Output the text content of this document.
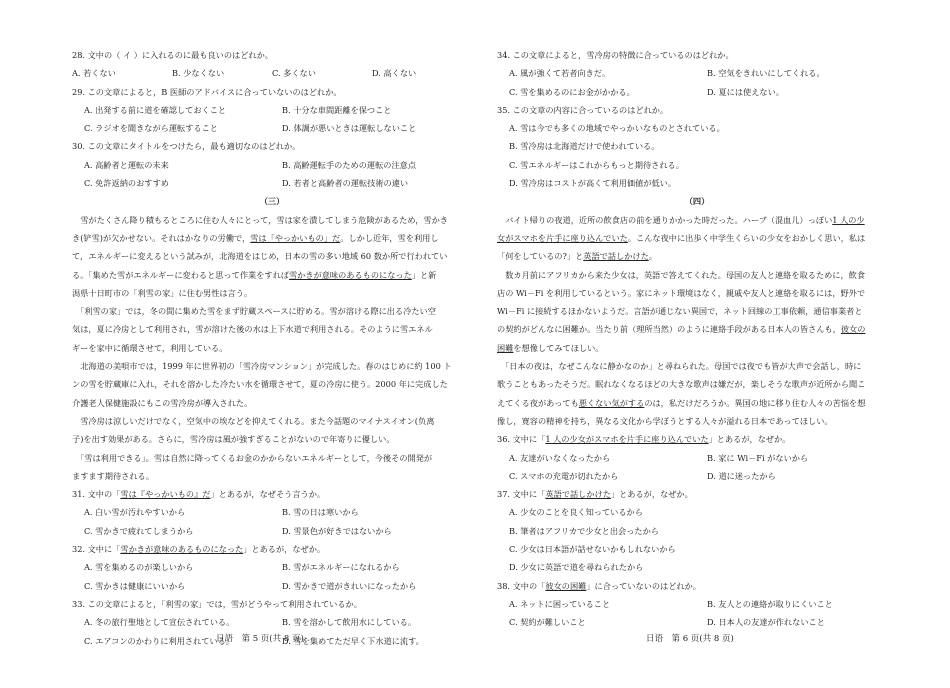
28. 文中の（ イ ）に入れるのに最も良いのはどれか。
A. 若くない	B. 少なくない	C. 多くない	D. 高くない
29. この文章によると，B 医師のアドバイスに合っていないのはどれか。
A. 出発する前に道を確認しておくこと	B. 十分な車間距離を保つこと
C. ラジオを聞きながら運転すること	D. 体調が悪いときは運転しないこと
30. この文章にタイトルをつけたら，最も適切なのはどれか。
A. 高齢者と運転の未来	B. 高齢運転手のための運転の注意点
C. 免許返納のおすすめ	D. 若者と高齢者の運転技術の違い
（三）
　雪がたくさん降り積もるところに住む人々にとって，雪は家を潰してしまう危険があるため，雪かき
き(铲雪)が欠かせない。それはかなりの労働で，雪は「やっかいもの」だ。しかし近年，雪を利用し
て，エネルギーに変えるという試みが，北海道をはじめ，日本の雪の多い地域 60 数か所で行われてい
る。「集めた雪がエネルギーに変わると思って作業をすれば雪かきが意味のあるものになった」と新
潟県十日町市の「利雪の家」に住む男性は言う。
　「利雪の家」では，冬の間に集めた雪をまず貯蔵スペースに貯める。雪が溶ける際に出る冷たい空
気は，夏に冷房として利用され，雪が溶けた後の水は上下水道で利用される。そのように雪エネル
ギーを家中に循環させて，利用している。
　北海道の美唄市では，1999 年に世界初の「雪冷房マンション」が完成した。春のはじめに約 100 ト
ンの雪を貯蔵庫に入れ，それを溶かした冷たい水を循環させて，夏の冷房に使う。2000 年に完成した
介護老人保健施設にもこの雪冷房が導入された。
　雪冷房は涼しいだけでなく，空気中の埃などを抑えてくれる。また今話題のマイナスイオン(负离
子)を出す効果がある。さらに，雪冷房は風が強すぎることがないので年寄りに優しい。
　「雪は利用できる」。雪は自然に降ってくるお金のかからないエネルギーとして，今後その開発が
ますます期待される。
31. 文中の「雪は『やっかいもの』だ」とあるが，なぜそう言うか。
A. 白い雪が汚れやすいから	B. 雪の日は寒いから
C. 雪かきで疲れてしまうから	D. 雪景色が好きではないから
32. 文中に「雪かきが意味のあるものになった」とあるが，なぜか。
A. 雪を集めるのが楽しいから	B. 雪がエネルギーになれるから
C. 雪かきは健康にいいから	D. 雪かきで道がきれいになったから
33. この文章によると，「利雪の家」では，雪がどうやって利用されているか。
A. 冬の旅行聖地として宣伝されている。	B. 雪を溶かして飲用水にしている。
C. エアコンのかわりに利用されている。	D. 雪を集めてただ早く下水道に流す。
34. この文章によると，雪冷房の特徴に合っているのはどれか。
A. 風が強くて若者向きだ。	B. 空気をきれいにしてくれる。
C. 雪を集めるのにお金がかかる。	D. 夏には使えない。
35. この文章の内容に合っているのはどれか。
A. 雪は今でも多くの地域でやっかいなものとされている。
B. 雪冷房は北海道だけで使われている。
C. 雪エネルギーはこれからもっと期待される。
D. 雪冷房はコストが高くて利用価値が低い。
（四）
　バイト帰りの夜道，近所の飲食店の前を通りかかった時だった。ハーブ（混血儿）っぽい1 人の少
女がスマホを片手に座り込んでいた。こんな夜中に出歩く中学生くらいの少女をおかしく思い，私は
「何をしているの?」と英語で話しかけた。
　数カ月前にアフリカから来た少女は，英語で答えてくれた。母国の友人と連絡を取るために，飲食
店の Wi－Fi を利用しているという。家にネット環境はなく，親戚や友人と連絡を取るには，野外で
Wi－Fi に接続するほかないようだ。言語が通じない異国で，ネット回線の工事依頼，通信事業者と
の契約がどんなに困難か。当たり前（理所当然）のように連絡手段がある日本人の皆さんも，彼女の
困難を想像してみてほしい。
　「日本の夜は，なぜこんなに静かなのか」と尋ねられた。母国では夜でも皆が大声で会話し，時に
歌うこともあったそうだ。眠れなくなるほどの大きな歌声は嫌だが，楽しそうな歌声が近所から聞こ
えてくる夜があっても悪くない気がするのは，私だけだろうか。異国の地に移り住む人々の苦悩を想
像し，寛容の精神を持ち，異なる文化から学ぼうとする人々が溢れる日本であってほしい。
36. 文中に「1 人の少女がスマホを片手に座り込んでいた」とあるが，なぜか。
A. 友達がいなくなったから	B. 家に Wi－Fi がないから
C. スマホの充電が切れたから	D. 道に迷ったから
37. 文中に「英語で話しかけた」とあるが，なぜか。
A. 少女のことを良く知っているから
B. 筆者はアフリカで少女と出会ったから
C. 少女は日本語が話せないかもしれないから
D. 少女に英語で道を尋ねられたから
38. 文中の「彼女の困難」に合っていないのはどれか。
A. ネットに困っていること	B. 友人との連絡が取りにくいこと
C. 契約が難しいこと	D. 日本人の友達が作れないこと
日語　第 5 页(共 8 页)	日语　第 6 页(共 8 页)
